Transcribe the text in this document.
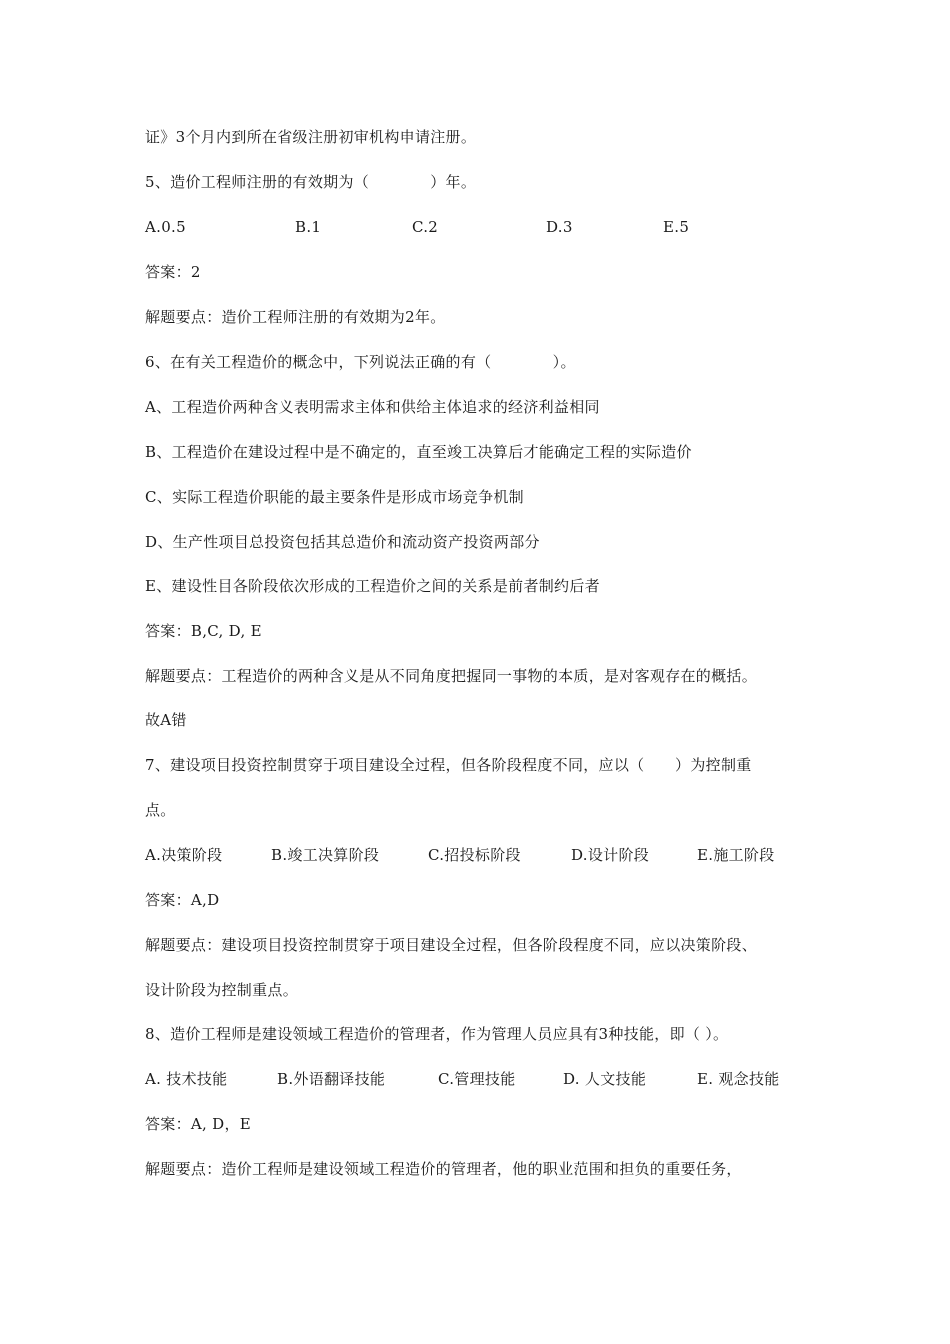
证》3个月内到所在省级注册初审机构申请注册。
5、造价工程师注册的有效期为（　　　　）年。
A.0.5	B.1	C.2	D.3	E.5
答案：2
解题要点：造价工程师注册的有效期为2年。
6、在有关工程造价的概念中，下列说法正确的有（　　　　）。
A、工程造价两种含义表明需求主体和供给主体追求的经济利益相同
B、工程造价在建设过程中是不确定的，直至竣工决算后才能确定工程的实际造价
C、实际工程造价职能的最主要条件是形成市场竞争机制
D、生产性项目总投资包括其总造价和流动资产投资两部分
E、建设性目各阶段依次形成的工程造价之间的关系是前者制约后者
答案：B,C, D, E
解题要点：工程造价的两种含义是从不同角度把握同一事物的本质，是对客观存在的概括。
故A错
7、建设项目投资控制贯穿于项目建设全过程，但各阶段程度不同，应以（　　）为控制重
点。
A.决策阶段	B.竣工决算阶段	C.招投标阶段	D.设计阶段	E.施工阶段
答案：A,D
解题要点：建设项目投资控制贯穿于项目建设全过程，但各阶段程度不同，应以决策阶段、
设计阶段为控制重点。
8、造价工程师是建设领域工程造价的管理者，作为管理人员应具有3种技能，即（ ）。
A. 技术技能	B.外语翻译技能	C.管理技能	D. 人文技能	E. 观念技能
答案：A, D，E
解题要点：造价工程师是建设领域工程造价的管理者，他的职业范围和担负的重要任务，
